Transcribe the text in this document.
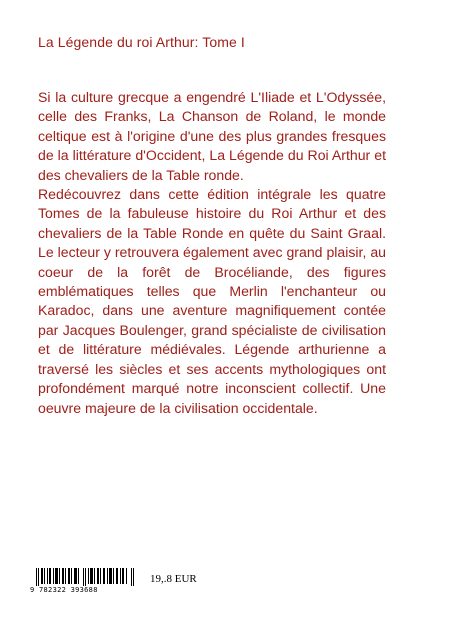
La Légende du roi Arthur: Tome I

Si la culture grecque a engendré L'Iliade et L'Odyssée, celle des Franks, La Chanson de Roland, le monde celtique est à l'origine d'une des plus grandes fresques de la littérature d'Occident, La Légende du Roi Arthur et des chevaliers de la Table ronde.

Redécouvrez dans cette édition intégrale les quatre Tomes de la fabuleuse histoire du Roi Arthur et des chevaliers de la Table Ronde en quête du Saint Graal. Le lecteur y retrouvera également avec grand plaisir, au coeur de la forêt de Brocéliande, des figures emblématiques telles que Merlin l'enchanteur ou Karadoc, dans une aventure magnifiquement contée par Jacques Boulenger, grand spécialiste de civilisation et de littérature médiévales. Légende arthurienne a traversé les siècles et ses accents mythologiques ont profondément marqué notre inconscient collectif. Une oeuvre majeure de la civilisation occidentale.

9 782322 393688
19,.8 EUR
